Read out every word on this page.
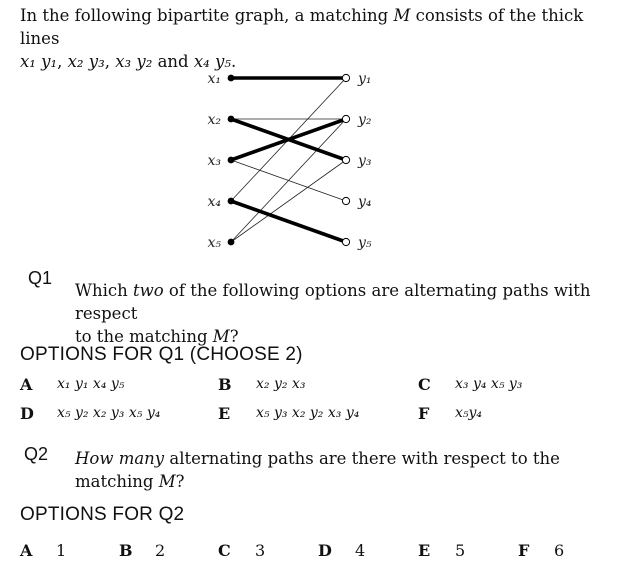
In the following bipartite graph, a matching M consists of the thick lines
x₁ y₁, x₂ y₃, x₃ y₂ and x₄ y₅.
x₁
x₂
x₃
x₄
x₅
y₁
y₂
y₃
y₄
y₅
Q1
Which two of the following options are alternating paths with respect
to the matching M?
OPTIONS FOR Q1 (CHOOSE 2)
A x₁ y₁ x₄ y₅	B x₂ y₂ x₃	C x₃ y₄ x₅ y₃
D x₅ y₂ x₂ y₃ x₅ y₄	E x₅ y₃ x₂ y₂ x₃ y₄	F x₅y₄
Q2 How many alternating paths are there with respect to the
matching M?
OPTIONS FOR Q2
A 1	B 2	C 3	D 4	E 5	F 6
